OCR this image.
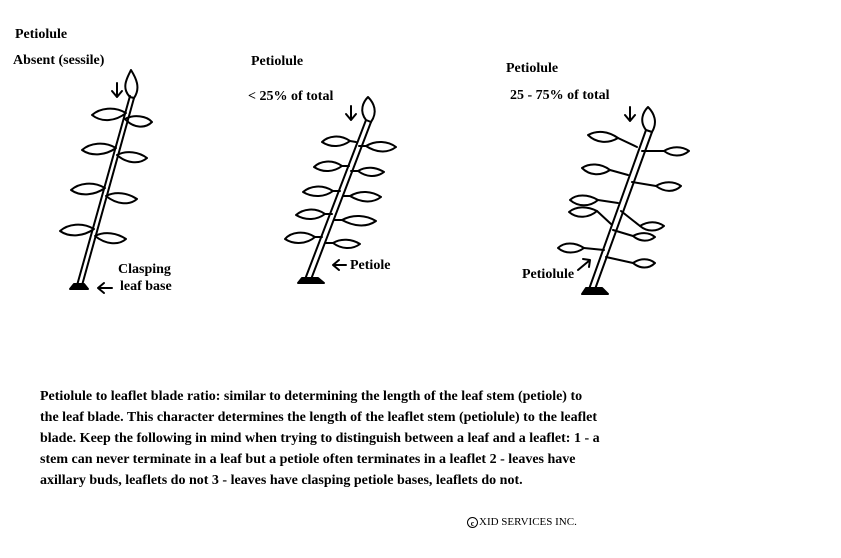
Petiolule
Absent (sessile)
Clasping
leaf base
Petiolule
< 25% of total
Petiole
Petiolule
25 - 75% of total
Petiolule

Petiolule to leaflet blade ratio: similar to determining the length of the leaf stem (petiole) to the leaf blade. This character determines the length of the leaflet stem (petiolule) to the leaflet blade. Keep the following in mind when trying to distinguish between a leaf and a leaflet: 1 - a stem can never terminate in a leaf but a petiole often terminates in a leaflet 2 - leaves have axillary buds, leaflets do not 3 - leaves have clasping petiole bases, leaflets do not.

c XID SERVICES INC.
